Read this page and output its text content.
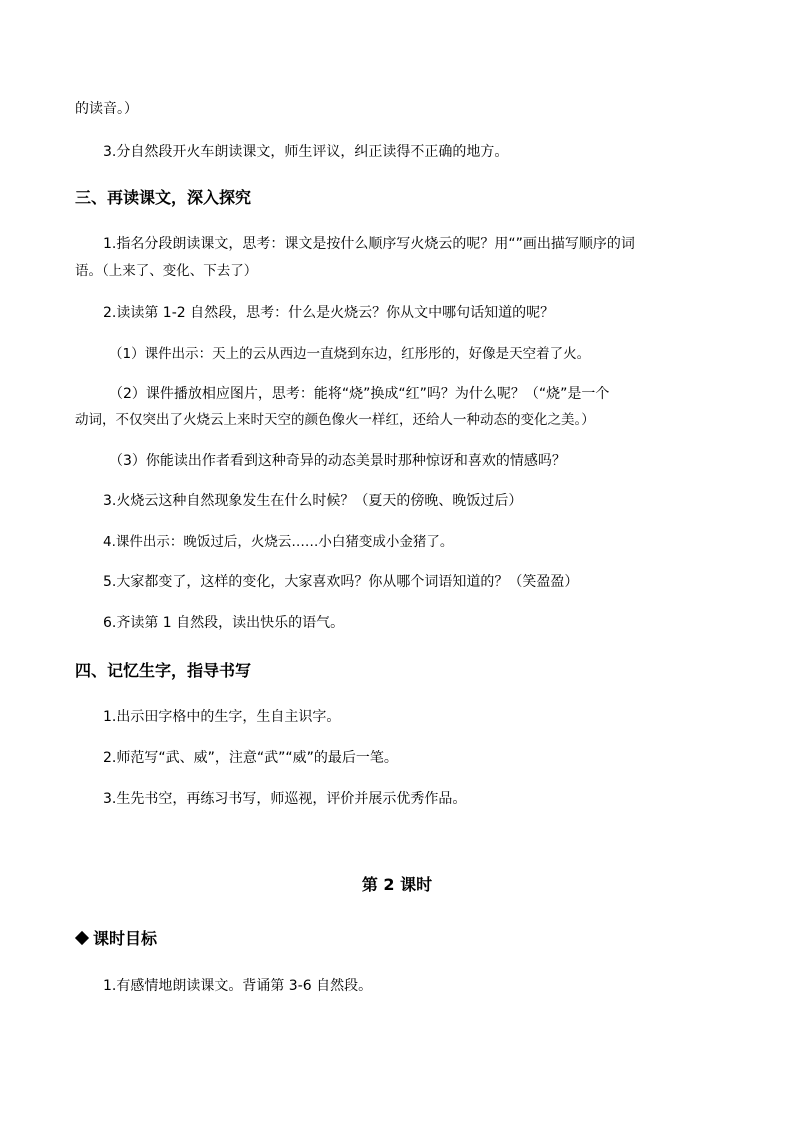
的读音。）
3.分自然段开火车朗读课文，师生评议，纠正读得不正确的地方。
三、再读课文，深入探究
1.指名分段朗读课文，思考：课文是按什么顺序写火烧云的呢？用“”画出描写顺序的词
语。（上来了、变化、下去了）
2.读读第 1-2 自然段，思考：什么是火烧云？你从文中哪句话知道的呢？
（1）课件出示：天上的云从西边一直烧到东边，红彤彤的，好像是天空着了火。
（2）课件播放相应图片，思考：能将“烧”换成“红”吗？为什么呢？（“烧”是一个
动词，不仅突出了火烧云上来时天空的颜色像火一样红，还给人一种动态的变化之美。）
（3）你能读出作者看到这种奇异的动态美景时那种惊讶和喜欢的情感吗？
3.火烧云这种自然现象发生在什么时候？（夏天的傍晚、晚饭过后）
4.课件出示：晚饭过后，火烧云……小白猪变成小金猪了。
5.大家都变了，这样的变化，大家喜欢吗？你从哪个词语知道的？（笑盈盈）
6.齐读第 1 自然段，读出快乐的语气。
四、记忆生字，指导书写
1.出示田字格中的生字，生自主识字。
2.师范写“武、威”，注意“武”“威”的最后一笔。
3.生先书空，再练习书写，师巡视，评价并展示优秀作品。
第 2 课时
课时目标
1.有感情地朗读课文。背诵第 3-6 自然段。
